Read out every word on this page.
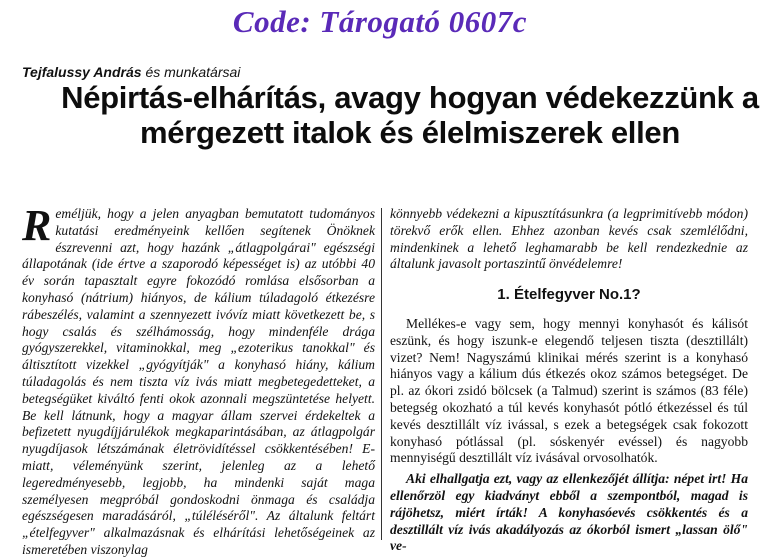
Code: Tárogató 0607c
Tejfalussy András és munkatársai
Népirtás-elhárítás, avagy hogyan védekezzünk a mérgezett italok és élelmiszerek ellen
R eméljük, hogy a jelen anyagban bemutatott tudományos kutatási eredményeink kellően segítenek Önöknek észrevenni azt, hogy hazánk „átlagpolgárai" egészségi állapotának (ide értve a szaporodó képességet is) az utóbbi 40 év során tapasztalt egyre fokozódó romlása elsősorban a konyhasó (nátrium) hiányos, de kálium túladagoló étkezésre rábeszélés, valamint a szennyezett ivóvíz miatt következett be, s hogy csalás és szélhámosság, hogy mindenféle drága gyógyszerekkel, vitaminokkal, meg „ezoterikus tanokkal" és áltisztított vizekkel „gyógyítják" a konyhasó hiány, kálium túladagolás és nem tiszta víz ivás miatt megbetegedetteket, a betegségüket kiváltó fenti okok azonnali megszüntetése helyett. Be kell látnunk, hogy a magyar állam szervei érdekeltek a befizetett nyugdíjjárulékok megkaparintásában, az átlagpolgár nyugdíjasok létszámának életrövidítéssel csökkentésében! E-miatt, véleményünk szerint, jelenleg az a lehető legeredményesebb, legjobb, ha mindenki saját maga személyesen megpróbál gondoskodni önmaga és családja egészségesen maradásáról, „túléléséről". Az általunk feltárt „ételfegyver" alkalmazásnak és elhárítási lehetőségeinek az ismeretében viszonylag

könnyebb védekezni a kipusztításunkra (a legprimitívebb módon) törekvő erők ellen. Ehhez azonban kevés csak szemlélődni, mindenkinek a lehető leghamarabb be kell rendezkednie az általunk javasolt portaszintű önvédelemre!

1. Ételfegyver No.1?

Mellékes-e vagy sem, hogy mennyi konyhasót és kálisót eszünk, és hogy iszunk-e elegendő teljesen tiszta (desztillált) vizet? Nem! Nagyszámú klinikai mérés szerint is a konyhasó hiányos vagy a kálium dús étkezés okoz számos betegséget. De pl. az ókori zsidó bölcsek (a Talmud) szerint is számos (83 féle) betegség okozható a túl kevés konyhasót pótló étkezéssel és túl kevés desztillált víz ivással, s ezek a betegségek csak fokozott konyhasó pótlással (pl. sóskenyér evéssel) és nagyobb mennyiségű desztillált víz ivásával orvosolhatók.

Aki elhallgatja ezt, vagy az ellenkezőjét állítja: népet irt! Ha ellenőrzöl egy kiadványt ebből a szempontból, magad is rájöhetsz, miért írták! A konyhasóevés csökkentés és a desztillált víz ivás akadályozás az ókorból ismert „lassan ölő" ve-
